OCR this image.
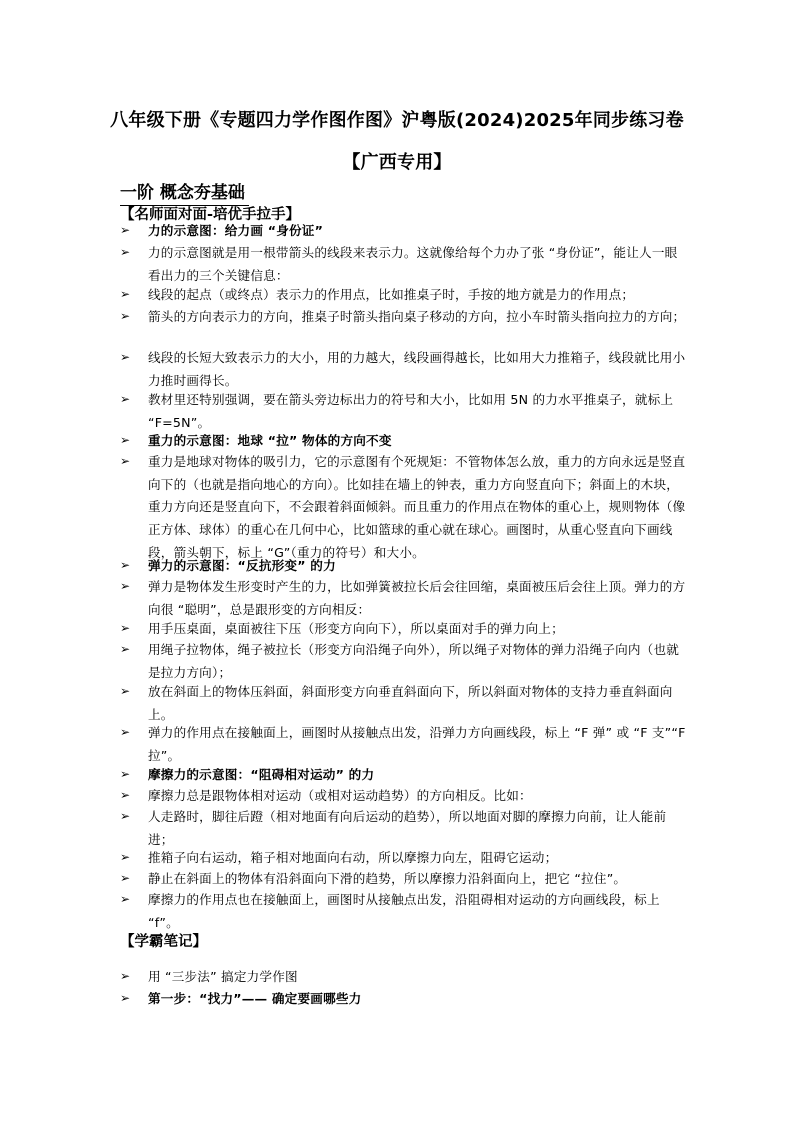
八年级下册《专题四力学作图作图》沪粤版(2024)2025年同步练习卷
【广西专用】
一阶 概念夯基础
【名师面对面-培优手拉手】
➢	力的示意图：给力画 “身份证”
➢	力的示意图就是用一根带箭头的线段来表示力。这就像给每个力办了张 “身份证”，能让人一眼看出力的三个关键信息：
➢	线段的起点（或终点）表示力的作用点，比如推桌子时，手按的地方就是力的作用点；
➢	箭头的方向表示力的方向，推桌子时箭头指向桌子移动的方向，拉小车时箭头指向拉力的方向；
➢	线段的长短大致表示力的大小，用的力越大，线段画得越长，比如用大力推箱子，线段就比用小力推时画得长。
➢	教材里还特别强调，要在箭头旁边标出力的符号和大小，比如用 5N 的力水平推桌子，就标上 “F=5N”。
➢	重力的示意图：地球 “拉” 物体的方向不变
➢	重力是地球对物体的吸引力，它的示意图有个死规矩：不管物体怎么放，重力的方向永远是竖直向下的（也就是指向地心的方向）。比如挂在墙上的钟表，重力方向竖直向下；斜面上的木块，重力方向还是竖直向下，不会跟着斜面倾斜。而且重力的作用点在物体的重心上，规则物体（像正方体、球体）的重心在几何中心，比如篮球的重心就在球心。画图时，从重心竖直向下画线段，箭头朝下，标上 “G”（重力的符号）和大小。
➢	弹力的示意图：“反抗形变” 的力
➢	弹力是物体发生形变时产生的力，比如弹簧被拉长后会往回缩，桌面被压后会往上顶。弹力的方向很 “聪明”，总是跟形变的方向相反：
➢	用手压桌面，桌面被往下压（形变方向向下），所以桌面对手的弹力向上；
➢	用绳子拉物体，绳子被拉长（形变方向沿绳子向外），所以绳子对物体的弹力沿绳子向内（也就是拉力方向）；
➢	放在斜面上的物体压斜面，斜面形变方向垂直斜面向下，所以斜面对物体的支持力垂直斜面向上。
➢	弹力的作用点在接触面上，画图时从接触点出发，沿弹力方向画线段，标上 “F 弹” 或 “F 支”“F 拉”。
➢	摩擦力的示意图：“阻碍相对运动” 的力
➢	摩擦力总是跟物体相对运动（或相对运动趋势）的方向相反。比如：
➢	人走路时，脚往后蹬（相对地面有向后运动的趋势），所以地面对脚的摩擦力向前，让人能前进；
➢	推箱子向右运动，箱子相对地面向右动，所以摩擦力向左，阻碍它运动；
➢	静止在斜面上的物体有沿斜面向下滑的趋势，所以摩擦力沿斜面向上，把它 “拉住”。
➢	摩擦力的作用点也在接触面上，画图时从接触点出发，沿阻碍相对运动的方向画线段，标上 “f”。
【学霸笔记】
➢	用 “三步法” 搞定力学作图
➢	第一步：“找力”—— 确定要画哪些力
